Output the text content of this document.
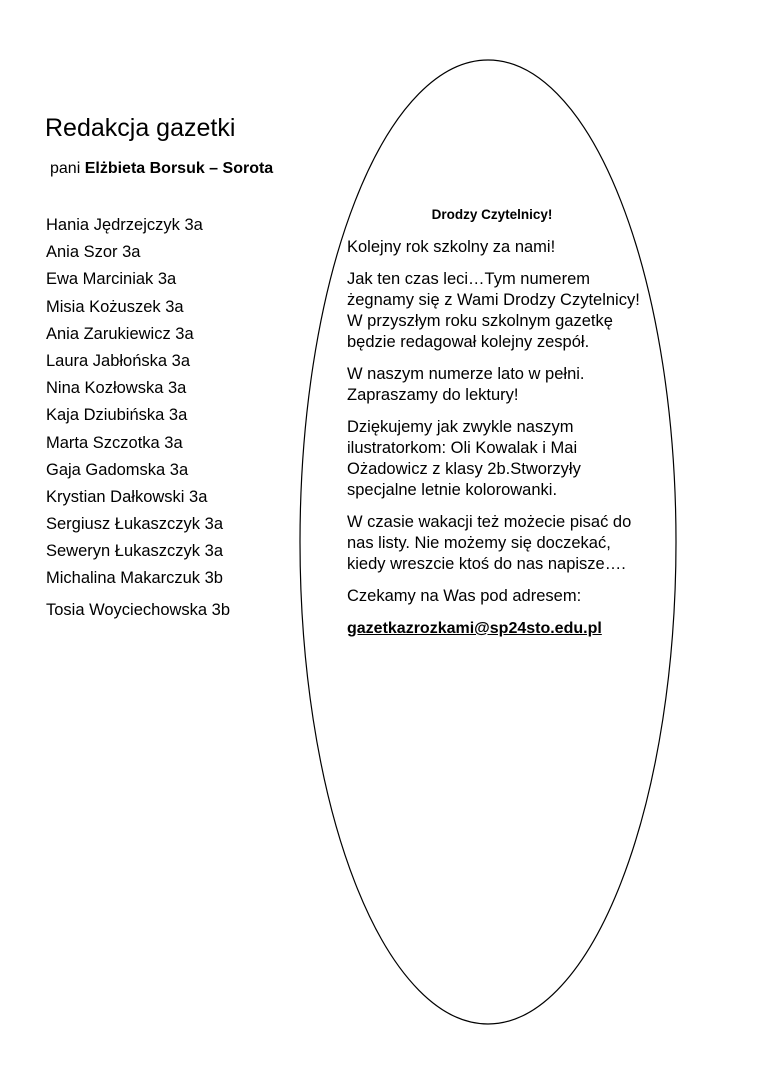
Redakcja gazetki
pani Elżbieta Borsuk – Sorota
Hania Jędrzejczyk 3a
Ania Szor 3a
Ewa Marciniak 3a
Misia Kożuszek 3a
Ania Zarukiewicz 3a
Laura Jabłońska 3a
Nina Kozłowska 3a
Kaja Dziubińska 3a
Marta Szczotka 3a
Gaja Gadomska 3a
Krystian Dałkowski 3a
Sergiusz Łukaszczyk 3a
Seweryn Łukaszczyk 3a
Michalina Makarczuk 3b
Tosia Woyciechowska 3b
Drodzy Czytelnicy!

Kolejny rok szkolny za nami!

Jak ten czas leci…Tym numerem żegnamy się z Wami Drodzy Czytelnicy! W przyszłym roku szkolnym gazetkę będzie redagował kolejny zespół.

W naszym numerze lato w pełni. Zapraszamy do lektury!

Dziękujemy jak zwykle naszym ilustratorkom: Oli Kowalak i Mai Ożadowicz z klasy 2b.Stworzyły specjalne letnie kolorowanki.

W czasie wakacji też możecie pisać do nas listy. Nie możemy się doczekać, kiedy wreszcie ktoś do nas napisze….

Czekamy na Was pod adresem:

gazetkazrozkami@sp24sto.edu.pl
